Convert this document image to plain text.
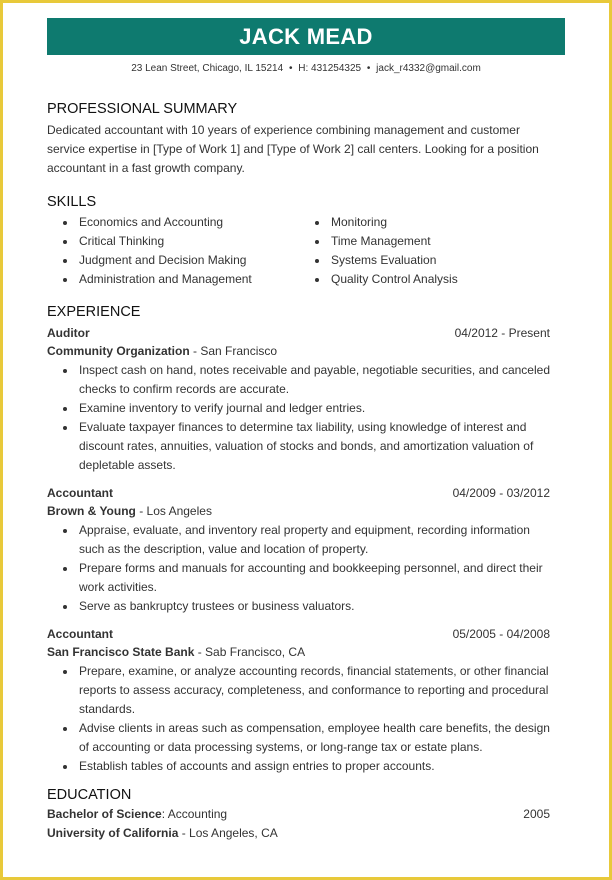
JACK MEAD
23 Lean Street, Chicago, IL 15214 • H: 431254325 • jack_r4332@gmail.com
PROFESSIONAL SUMMARY

Dedicated accountant with 10 years of experience combining management and customer service expertise in [Type of Work 1] and [Type of Work 2] call centers. Looking for a position accountant in a fast growth company.

SKILLS
Economics and Accounting
Critical Thinking
Judgment and Decision Making
Administration and Management
Monitoring
Time Management
Systems Evaluation
Quality Control Analysis
EXPERIENCE
Auditor	04/2012 - Present
Community Organization - San Francisco
Inspect cash on hand, notes receivable and payable, negotiable securities, and canceled checks to confirm records are accurate.
Examine inventory to verify journal and ledger entries.
Evaluate taxpayer finances to determine tax liability, using knowledge of interest and discount rates, annuities, valuation of stocks and bonds, and amortization valuation of depletable assets.
Accountant	04/2009 - 03/2012
Brown & Young - Los Angeles
Appraise, evaluate, and inventory real property and equipment, recording information such as the description, value and location of property.
Prepare forms and manuals for accounting and bookkeeping personnel, and direct their work activities.
Serve as bankruptcy trustees or business valuators.
Accountant	05/2005 - 04/2008
San Francisco State Bank - Sab Francisco, CA
Prepare, examine, or analyze accounting records, financial statements, or other financial reports to assess accuracy, completeness, and conformance to reporting and procedural standards.
Advise clients in areas such as compensation, employee health care benefits, the design of accounting or data processing systems, or long-range tax or estate plans.
Establish tables of accounts and assign entries to proper accounts.
EDUCATION
Bachelor of Science: Accounting	2005
University of California - Los Angeles, CA
